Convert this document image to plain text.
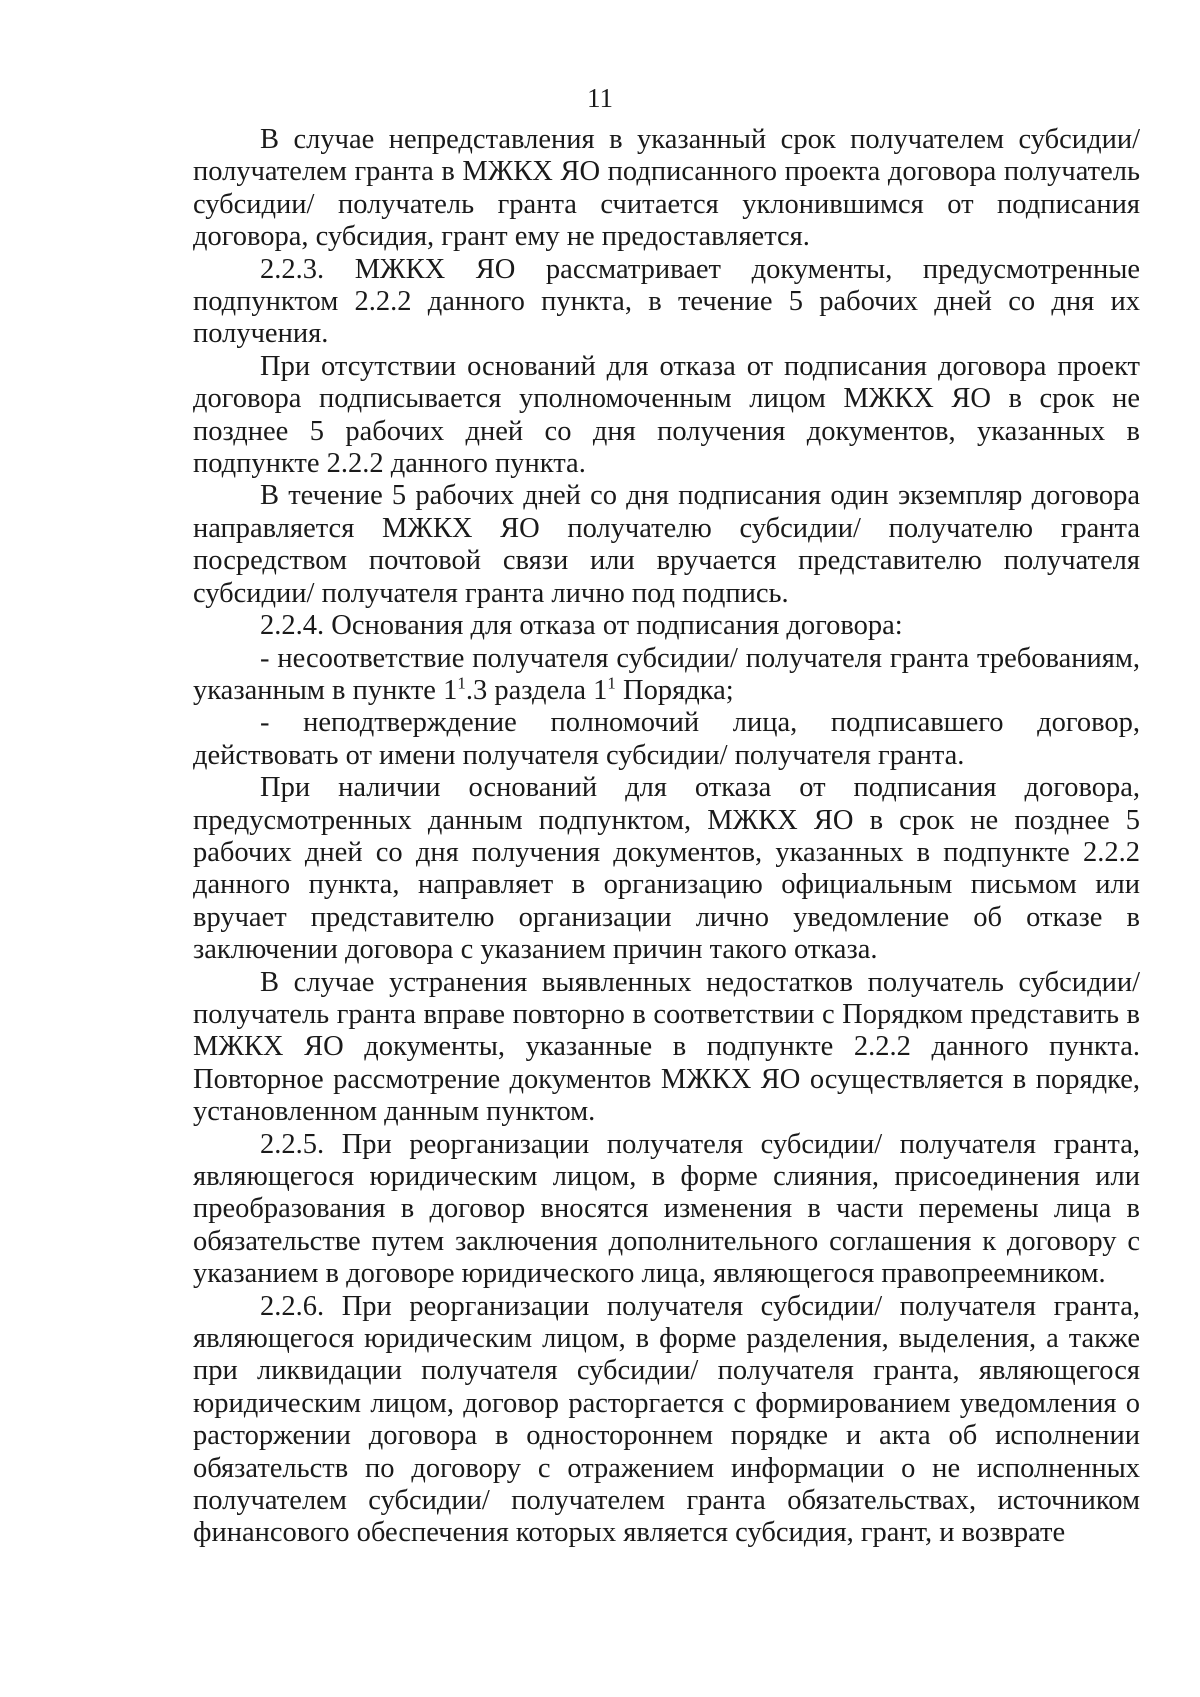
11

В случае непредставления в указанный срок получателем субсидии/ получателем гранта в МЖКХ ЯО подписанного проекта договора получатель субсидии/ получатель гранта считается уклонившимся от подписания договора, субсидия, грант ему не предоставляется.

2.2.3. МЖКХ ЯО рассматривает документы, предусмотренные подпунктом 2.2.2 данного пункта, в течение 5 рабочих дней со дня их получения.

При отсутствии оснований для отказа от подписания договора проект договора подписывается уполномоченным лицом МЖКХ ЯО в срок не позднее 5 рабочих дней со дня получения документов, указанных в подпункте 2.2.2 данного пункта.

В течение 5 рабочих дней со дня подписания один экземпляр договора направляется МЖКХ ЯО получателю субсидии/ получателю гранта посредством почтовой связи или вручается представителю получателя субсидии/ получателя гранта лично под подпись.

2.2.4. Основания для отказа от подписания договора:

- несоответствие получателя субсидии/ получателя гранта требованиям, указанным в пункте $1^1.3$ раздела $1^1$ Порядка;

- неподтверждение полномочий лица, подписавшего договор, действовать от имени получателя субсидии/ получателя гранта.

При наличии оснований для отказа от подписания договора, предусмотренных данным подпунктом, МЖКХ ЯО в срок не позднее 5 рабочих дней со дня получения документов, указанных в подпункте 2.2.2 данного пункта, направляет в организацию официальным письмом или вручает представителю организации лично уведомление об отказе в заключении договора с указанием причин такого отказа.

В случае устранения выявленных недостатков получатель субсидии/ получатель гранта вправе повторно в соответствии с Порядком представить в МЖКХ ЯО документы, указанные в подпункте 2.2.2 данного пункта. Повторное рассмотрение документов МЖКХ ЯО осуществляется в порядке, установленном данным пунктом.

2.2.5. При реорганизации получателя субсидии/ получателя гранта, являющегося юридическим лицом, в форме слияния, присоединения или преобразования в договор вносятся изменения в части перемены лица в обязательстве путем заключения дополнительного соглашения к договору с указанием в договоре юридического лица, являющегося правопреемником.

2.2.6. При реорганизации получателя субсидии/ получателя гранта, являющегося юридическим лицом, в форме разделения, выделения, а также при ликвидации получателя субсидии/ получателя гранта, являющегося юридическим лицом, договор расторгается с формированием уведомления о расторжении договора в одностороннем порядке и акта об исполнении обязательств по договору с отражением информации о не исполненных получателем субсидии/ получателем гранта обязательствах, источником финансового обеспечения которых является субсидия, грант, и возврате
